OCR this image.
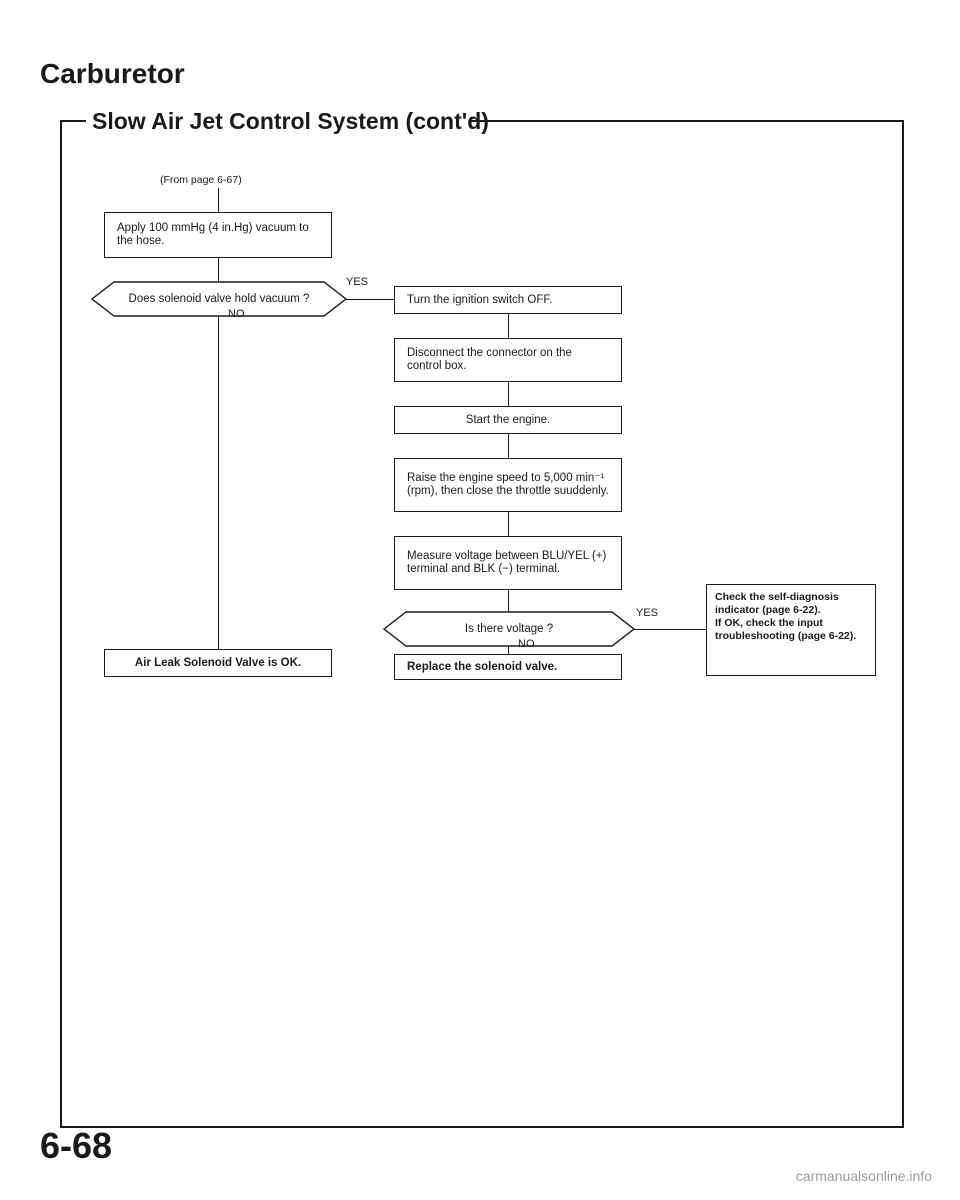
Carburetor
Slow Air Jet Control System (cont'd)
(From page 6-67)
Apply 100 mmHg (4 in.Hg) vacuum to the hose.
Does solenoid valve hold vacuum ?
YES
NO
Turn the ignition switch OFF.
Disconnect the connector on the control box.
Start the engine.
Raise the engine speed to 5,000 min⁻¹ (rpm), then close the throttle suuddenly.
Measure voltage between BLU/YEL (+) terminal and BLK (−) terminal.
Is there voltage ?
YES
NO
Check the self-diagnosis indicator (page 6-22).
If OK, check the input troubleshooting (page 6-22).
Replace the solenoid valve.
Air Leak Solenoid Valve is OK.
6-68
carmanualsonline.info
